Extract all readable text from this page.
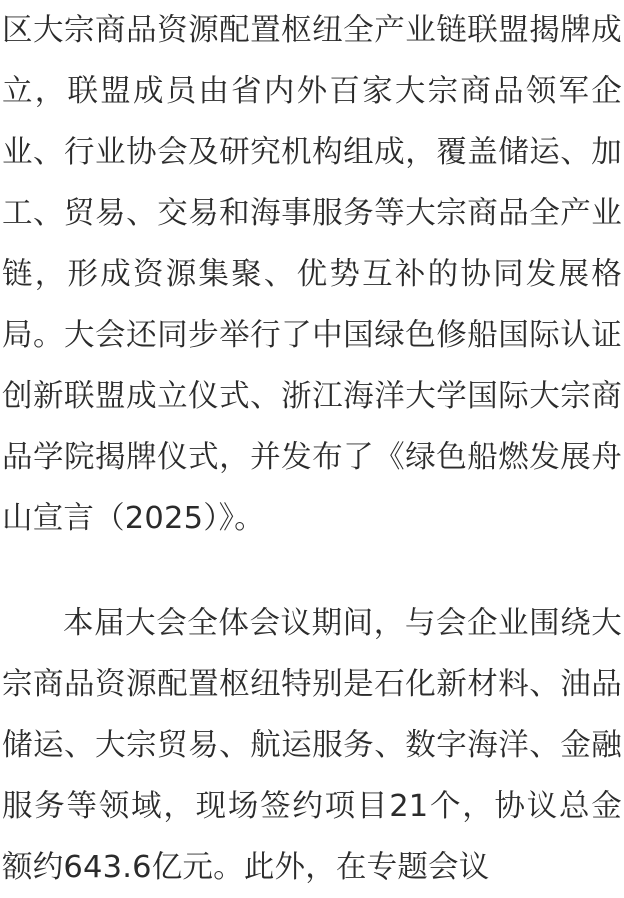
区大宗商品资源配置枢纽全产业链联盟揭牌成立，联盟成员由省内外百家大宗商品领军企业、行业协会及研究机构组成，覆盖储运、加工、贸易、交易和海事服务等大宗商品全产业链，形成资源集聚、优势互补的协同发展格局。大会还同步举行了中国绿色修船国际认证创新联盟成立仪式、浙江海洋大学国际大宗商品学院揭牌仪式，并发布了《绿色船燃发展舟山宣言（2025）》。

本届大会全体会议期间，与会企业围绕大宗商品资源配置枢纽特别是石化新材料、油品储运、大宗贸易、航运服务、数字海洋、金融服务等领域，现场签约项目21个，协议总金额约643.6亿元。此外，在专题会议
